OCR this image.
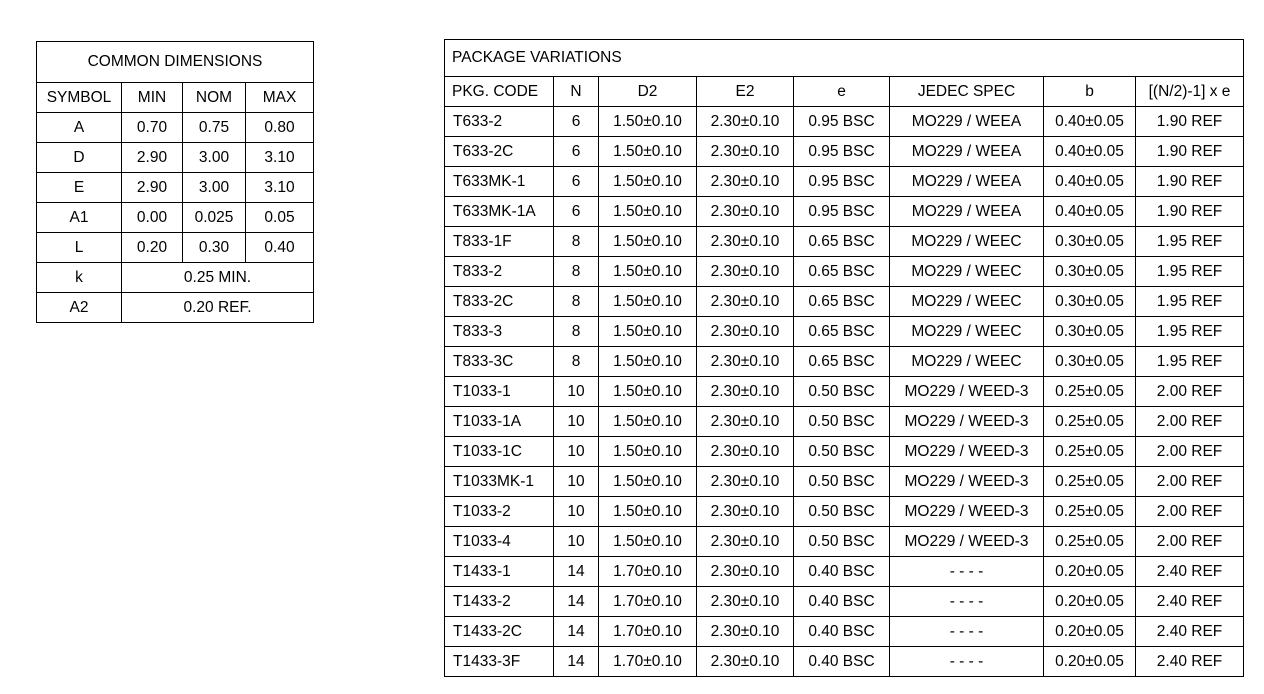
COMMON DIMENSIONS			
SYMBOL	MIN	NOM	MAX
A	0.70	0.75	0.80
D	2.90	3.00	3.10
E	2.90	3.00	3.10
A1	0.00	0.025	0.05
L	0.20	0.30	0.40
k	0.25 MIN.		
A2	0.20 REF.		
PACKAGE VARIATIONS							
PKG. CODE	N	D2	E2	e	JEDEC SPEC	b	[(N/2)-1] x e
T633-2	6	1.50±0.10	2.30±0.10	0.95 BSC	MO229 / WEEA	0.40±0.05	1.90 REF
T633-2C	6	1.50±0.10	2.30±0.10	0.95 BSC	MO229 / WEEA	0.40±0.05	1.90 REF
T633MK-1	6	1.50±0.10	2.30±0.10	0.95 BSC	MO229 / WEEA	0.40±0.05	1.90 REF
T633MK-1A	6	1.50±0.10	2.30±0.10	0.95 BSC	MO229 / WEEA	0.40±0.05	1.90 REF
T833-1F	8	1.50±0.10	2.30±0.10	0.65 BSC	MO229 / WEEC	0.30±0.05	1.95 REF
T833-2	8	1.50±0.10	2.30±0.10	0.65 BSC	MO229 / WEEC	0.30±0.05	1.95 REF
T833-2C	8	1.50±0.10	2.30±0.10	0.65 BSC	MO229 / WEEC	0.30±0.05	1.95 REF
T833-3	8	1.50±0.10	2.30±0.10	0.65 BSC	MO229 / WEEC	0.30±0.05	1.95 REF
T833-3C	8	1.50±0.10	2.30±0.10	0.65 BSC	MO229 / WEEC	0.30±0.05	1.95 REF
T1033-1	10	1.50±0.10	2.30±0.10	0.50 BSC	MO229 / WEED-3	0.25±0.05	2.00 REF
T1033-1A	10	1.50±0.10	2.30±0.10	0.50 BSC	MO229 / WEED-3	0.25±0.05	2.00 REF
T1033-1C	10	1.50±0.10	2.30±0.10	0.50 BSC	MO229 / WEED-3	0.25±0.05	2.00 REF
T1033MK-1	10	1.50±0.10	2.30±0.10	0.50 BSC	MO229 / WEED-3	0.25±0.05	2.00 REF
T1033-2	10	1.50±0.10	2.30±0.10	0.50 BSC	MO229 / WEED-3	0.25±0.05	2.00 REF
T1033-4	10	1.50±0.10	2.30±0.10	0.50 BSC	MO229 / WEED-3	0.25±0.05	2.00 REF
T1433-1	14	1.70±0.10	2.30±0.10	0.40 BSC	- - - -	0.20±0.05	2.40 REF
T1433-2	14	1.70±0.10	2.30±0.10	0.40 BSC	- - - -	0.20±0.05	2.40 REF
T1433-2C	14	1.70±0.10	2.30±0.10	0.40 BSC	- - - -	0.20±0.05	2.40 REF
T1433-3F	14	1.70±0.10	2.30±0.10	0.40 BSC	- - - -	0.20±0.05	2.40 REF
